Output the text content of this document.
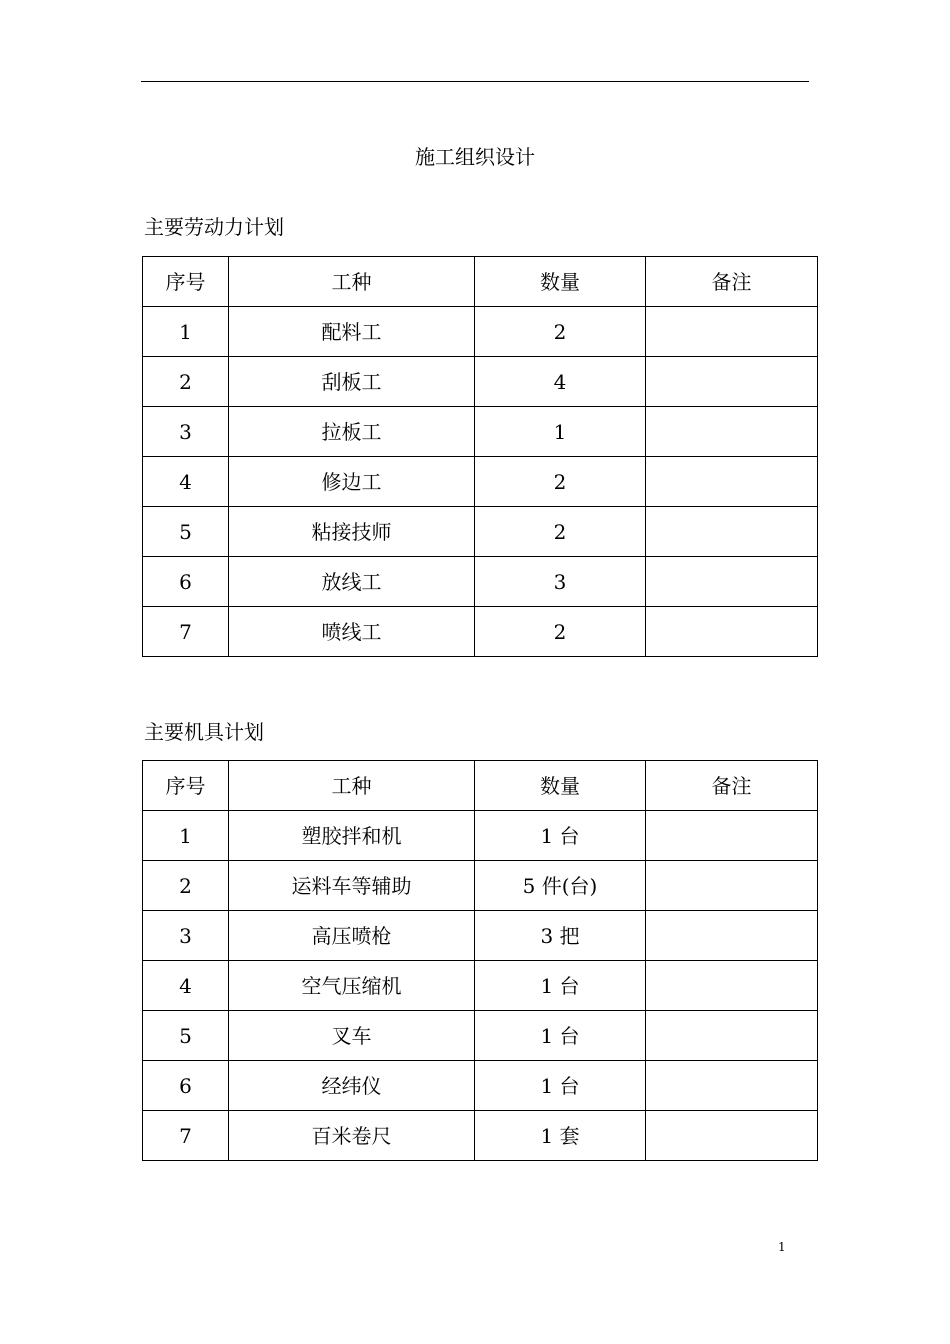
施工组织设计
主要劳动力计划
序号	工种	数量	备注
1	配料工	2	
2	刮板工	4	
3	拉板工	1	
4	修边工	2	
5	粘接技师	2	
6	放线工	3	
7	喷线工	2	
主要机具计划
序号	工种	数量	备注
1	塑胶拌和机	1 台	
2	运料车等辅助	5 件(台)	
3	高压喷枪	3 把	
4	空气压缩机	1 台	
5	叉车	1 台	
6	经纬仪	1 台	
7	百米卷尺	1 套	
1
